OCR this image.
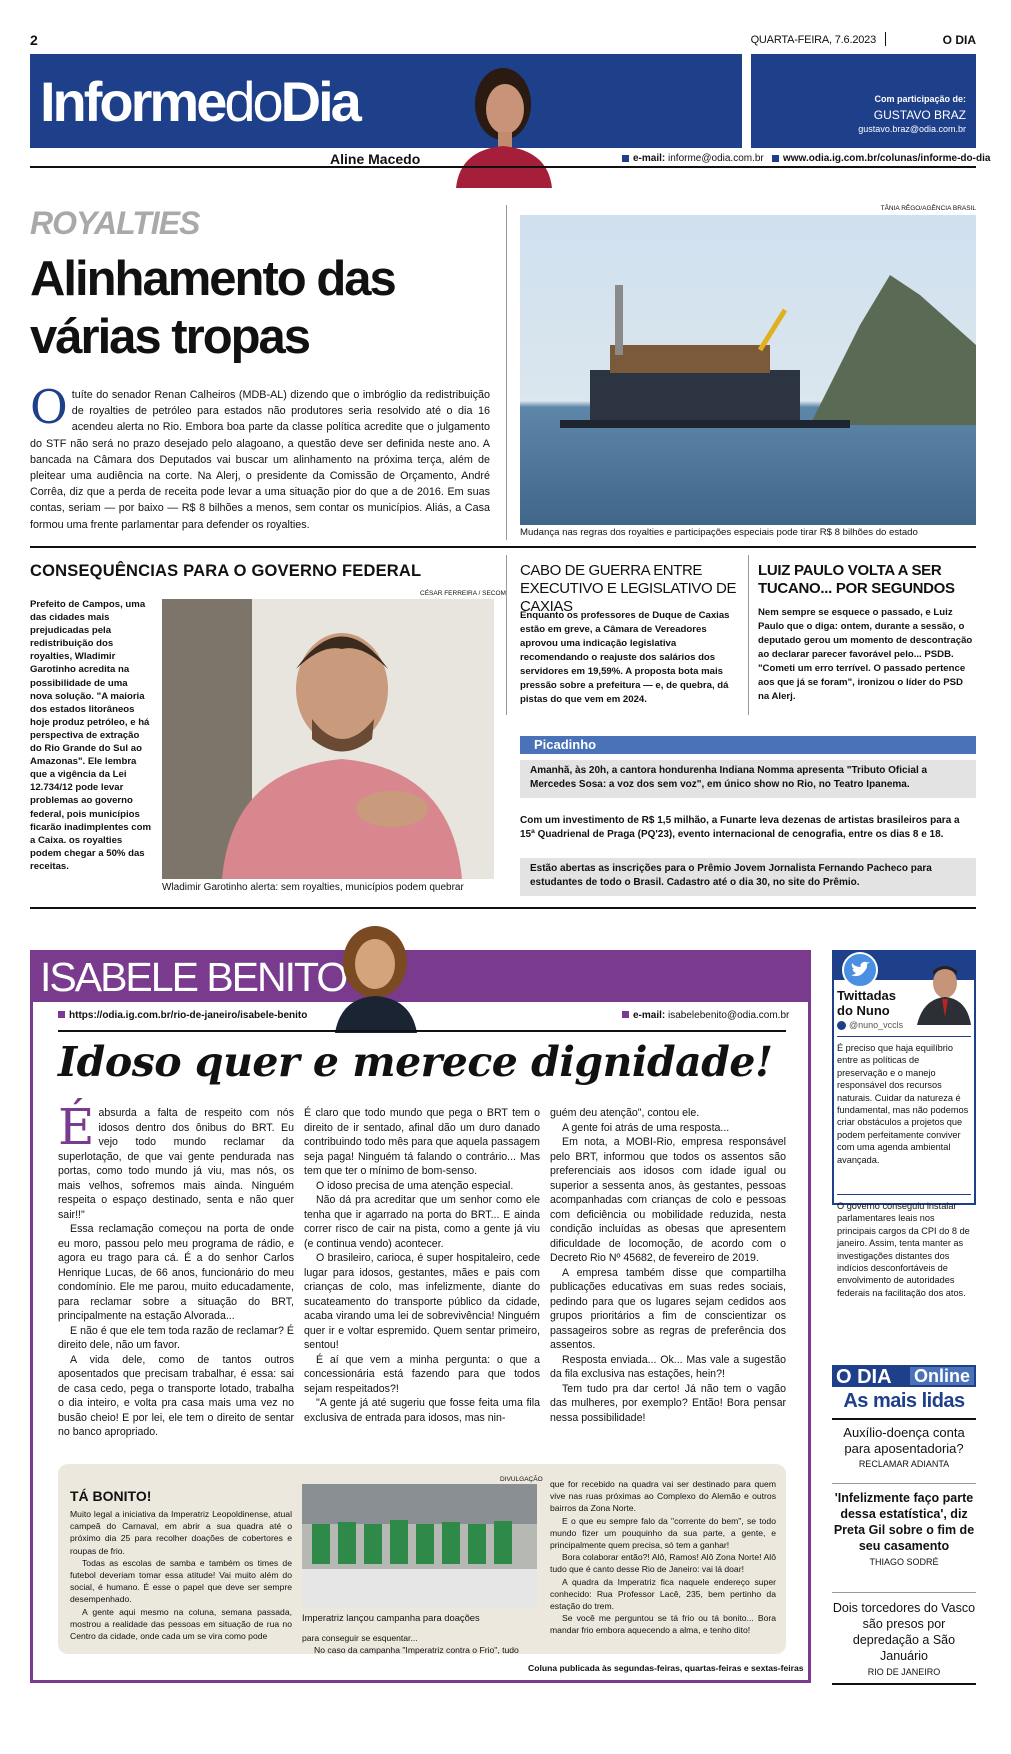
2	QUARTA-FEIRA, 7.6.2023	O DIA
InformedoDia	Com participação de:
GUSTAVO BRAZ
gustavo.braz@odia.com.br
Aline Macedo	e-mail: informe@odia.com.br	www.odia.ig.com.br/colunas/informe-do-dia
ROYALTIES
Alinhamento das
várias tropas
Otuíte do senador Renan Calheiros (MDB-AL) dizendo que o imbróglio da redistribuição de royalties de petróleo para estados não produtores seria resolvido até o dia 16 acendeu alerta no Rio. Embora boa parte da classe política acredite que o julgamento do STF não será no prazo desejado pelo alagoano, a questão deve ser definida neste ano. A bancada na Câmara dos Deputados vai buscar um alinhamento na próxima terça, além de pleitear uma audiência na corte. Na Alerj, o presidente da Comissão de Orçamento, André Corrêa, diz que a perda de receita pode levar a uma situação pior do que a de 2016. Em suas contas, seriam — por baixo — R$ 8 bilhões a menos, sem contar os municípios. Aliás, a Casa formou uma frente parlamentar para defender os royalties.
TÂNIA RÊGO/AGÊNCIA BRASIL
Mudança nas regras dos royalties e participações especiais pode tirar R$ 8 bilhões do estado
CONSEQUÊNCIAS PARA O GOVERNO FEDERAL
CÉSAR FERREIRA / SECOM
Prefeito de Campos, uma das cidades mais prejudicadas pela redistribuição dos royalties, Wladimir Garotinho acredita na possibilidade de uma nova solução. "A maioria dos estados litorâneos hoje produz petróleo, e há perspectiva de extração do Rio Grande do Sul ao Amazonas". Ele lembra que a vigência da Lei 12.734/12 pode levar problemas ao governo federal, pois municípios ficarão inadimplentes com a Caixa. os royalties podem chegar a 50% das receitas.
Wladimir Garotinho alerta: sem royalties, municípios podem quebrar
CABO DE GUERRA ENTRE EXECUTIVO E LEGISLATIVO DE CAXIAS
Enquanto os professores de Duque de Caxias estão em greve, a Câmara de Vereadores aprovou uma indicação legislativa recomendando o reajuste dos salários dos servidores em 19,59%. A proposta bota mais pressão sobre a prefeitura — e, de quebra, dá pistas do que vem em 2024.
LUIZ PAULO VOLTA A SER TUCANO... POR SEGUNDOS
Nem sempre se esquece o passado, e Luiz Paulo que o diga: ontem, durante a sessão, o deputado gerou um momento de descontração ao declarar parecer favorável pelo... PSDB. "Cometi um erro terrível. O passado pertence aos que já se foram", ironizou o líder do PSD na Alerj.
Picadinho
Amanhã, às 20h, a cantora hondurenha Indiana Nomma apresenta "Tributo Oficial a Mercedes Sosa: a voz dos sem voz", em único show no Rio, no Teatro Ipanema.
Com um investimento de R$ 1,5 milhão, a Funarte leva dezenas de artistas brasileiros para a 15ª Quadrienal de Praga (PQ'23), evento internacional de cenografia, entre os dias 8 e 18.
Estão abertas as inscrições para o Prêmio Jovem Jornalista Fernando Pacheco para estudantes de todo o Brasil. Cadastro até o dia 30, no site do Prêmio.
ISABELE BENITO
https://odia.ig.com.br/rio-de-janeiro/isabele-benito	e-mail: isabelebenito@odia.com.br
Idoso quer e merece dignidade!

Éabsurda a falta de respeito com nós idosos dentro dos ônibus do BRT. Eu vejo todo mundo reclamar da superlotação, de que vai gente pendurada nas portas, como todo mundo já viu, mas nós, os mais velhos, sofremos mais ainda. Ninguém respeita o espaço destinado, senta e não quer sair!!"

Essa reclamação começou na porta de onde eu moro, passou pelo meu programa de rádio, e agora eu trago para cá. É a do senhor Carlos Henrique Lucas, de 66 anos, funcionário do meu condomínio. Ele me parou, muito educadamente, para reclamar sobre a situação do BRT, principalmente na estação Alvorada...

E não é que ele tem toda razão de reclamar? É direito dele, não um favor.

A vida dele, como de tantos outros aposentados que precisam trabalhar, é essa: sai de casa cedo, pega o transporte lotado, trabalha o dia inteiro, e volta pra casa mais uma vez no busão cheio! E por lei, ele tem o direito de sentar no banco apropriado.

É claro que todo mundo que pega o BRT tem o direito de ir sentado, afinal dão um duro danado contribuindo todo mês para que aquela passagem seja paga! Ninguém tá falando o contrário... Mas tem que ter o mínimo de bom-senso.

O idoso precisa de uma atenção especial.

Não dá pra acreditar que um senhor como ele tenha que ir agarrado na porta do BRT... E ainda correr risco de cair na pista, como a gente já viu (e continua vendo) acontecer.

O brasileiro, carioca, é super hospitaleiro, cede lugar para idosos, gestantes, mães e pais com crianças de colo, mas infelizmente, diante do sucateamento do transporte público da cidade, acaba virando uma lei de sobrevivência! Ninguém quer ir e voltar espremido. Quem sentar primeiro, sentou!

É aí que vem a minha pergunta: o que a concessionária está fazendo para que todos sejam respeitados?!

"A gente já até sugeriu que fosse feita uma fila exclusiva de entrada para idosos, mas nin-

guém deu atenção", contou ele.

A gente foi atrás de uma resposta...

Em nota, a MOBI-Rio, empresa responsável pelo BRT, informou que todos os assentos são preferenciais aos idosos com idade igual ou superior a sessenta anos, às gestantes, pessoas acompanhadas com crianças de colo e pessoas com deficiência ou mobilidade reduzida, nesta condição incluídas as obesas que apresentem dificuldade de locomoção, de acordo com o Decreto Rio Nº 45682, de fevereiro de 2019.

A empresa também disse que compartilha publicações educativas em suas redes sociais, pedindo para que os lugares sejam cedidos aos grupos prioritários a fim de conscientizar os passageiros sobre as regras de preferência dos assentos.

Resposta enviada... Ok... Mas vale a sugestão da fila exclusiva nas estações, hein?!

Tem tudo pra dar certo! Já não tem o vagão das mulheres, por exemplo? Então! Bora pensar nessa possibilidade!

TÁ BONITO!

Muito legal a iniciativa da Imperatriz Leopoldinense, atual campeã do Carnaval, em abrir a sua quadra até o próximo dia 25 para recolher doações de cobertores e roupas de frio.

Todas as escolas de samba e também os times de futebol deveriam tomar essa atitude! Vai muito além do social, é humano. É esse o papel que deve ser sempre desempenhado.

A gente aqui mesmo na coluna, semana passada, mostrou a realidade das pessoas em situação de rua no Centro da cidade, onde cada um se vira como pode

DIVULGAÇÃO
Imperatriz lançou campanha para doações

para conseguir se esquentar...

No caso da campanha "Imperatriz contra o Frio", tudo

que for recebido na quadra vai ser destinado para quem vive nas ruas próximas ao Complexo do Alemão e outros bairros da Zona Norte.

E o que eu sempre falo da "corrente do bem", se todo mundo fizer um pouquinho da sua parte, a gente, e principalmente quem precisa, só tem a ganhar!

Bora colaborar então?! Alô, Ramos! Alô Zona Norte! Alô tudo que é canto desse Rio de Janeiro: vai lá doar!

A quadra da Imperatriz fica naquele endereço super conhecido: Rua Professor Lacê, 235, bem pertinho da estação do trem.

Se você me perguntou se tá frio ou tá bonito... Bora mandar frio embora aquecendo a alma, e tenho dito!

Coluna publicada às segundas-feiras, quartas-feiras e sextas-feiras
Twittadas
do Nuno
@nuno_vccls
É preciso que haja equilíbrio entre as políticas de preservação e o manejo responsável dos recursos naturais. Cuidar da natureza é fundamental, mas não podemos criar obstáculos a projetos que podem perfeitamente conviver com uma agenda ambiental avançada.
O governo conseguiu instalar parlamentares leais nos principais cargos da CPI do 8 de janeiro. Assim, tenta manter as investigações distantes dos indícios desconfortáveis de envolvimento de autoridades federais na facilitação dos atos.
O DIA Online
As mais lidas
Auxílio-doença conta para aposentadoria?
RECLAMAR ADIANTA
'Infelizmente faço parte dessa estatística', diz Preta Gil sobre o fim de seu casamento
THIAGO SODRÉ
Dois torcedores do Vasco são presos por depredação a São Januário
RIO DE JANEIRO
